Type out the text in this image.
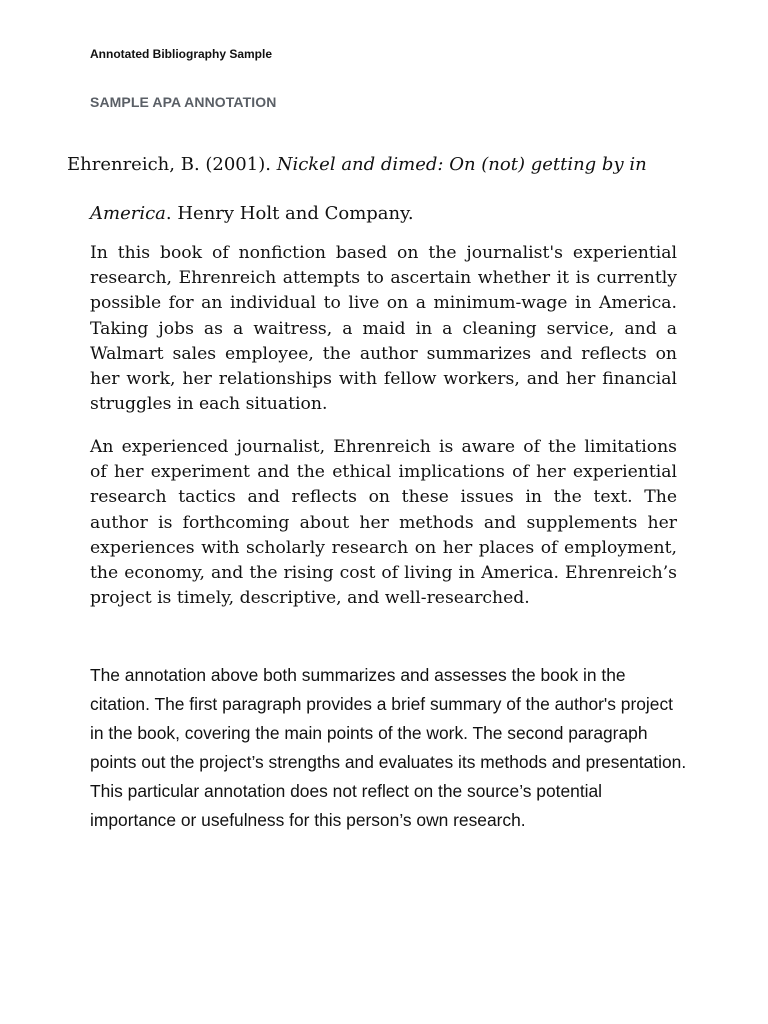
Annotated Bibliography Sample
SAMPLE APA ANNOTATION
Ehrenreich, B. (2001). Nickel and dimed: On (not) getting by in
America. Henry Holt and Company.

In this book of nonfiction based on the journalist's experiential research, Ehrenreich attempts to ascertain whether it is currently possible for an individual to live on a minimum-wage in America. Taking jobs as a waitress, a maid in a cleaning service, and a Walmart sales employee, the author summarizes and reflects on her work, her relationships with fellow workers, and her financial struggles in each situation.

An experienced journalist, Ehrenreich is aware of the limitations of her experiment and the ethical implications of her experiential research tactics and reflects on these issues in the text. The author is forthcoming about her methods and supplements her experiences with scholarly research on her places of employment, the economy, and the rising cost of living in America. Ehrenreich’s project is timely, descriptive, and well-researched.

The annotation above both summarizes and assesses the book in the citation. The first paragraph provides a brief summary of the author's project in the book, covering the main points of the work. The second paragraph points out the project’s strengths and evaluates its methods and presentation. This particular annotation does not reflect on the source’s potential importance or usefulness for this person’s own research.
